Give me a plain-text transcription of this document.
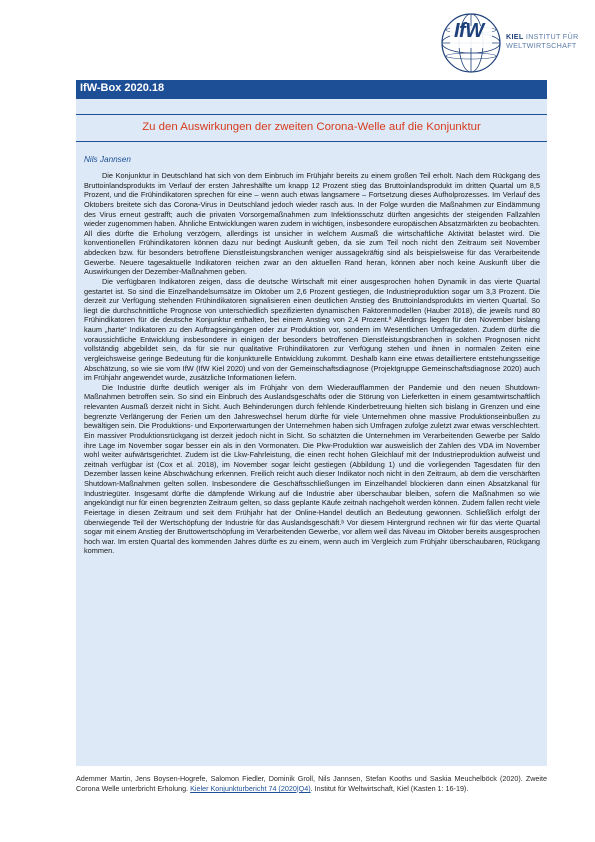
IfW	KIEL INSTITUT FÜR
WELTWIRTSCHAFT
IfW-Box 2020.18
Zu den Auswirkungen der zweiten Corona-Welle auf die Konjunktur
Nils Jannsen

Die Konjunktur in Deutschland hat sich von dem Einbruch im Frühjahr bereits zu einem großen Teil erholt. Nach dem Rückgang des Bruttoinlandsprodukts im Verlauf der ersten Jahreshälfte um knapp 12 Prozent stieg das Bruttoinlandsprodukt im dritten Quartal um 8,5 Prozent, und die Frühindikatoren sprechen für eine – wenn auch etwas langsamere – Fortsetzung dieses Aufholprozesses. Im Verlauf des Oktobers breitete sich das Corona-Virus in Deutschland jedoch wieder rasch aus. In der Folge wurden die Maßnahmen zur Eindämmung des Virus erneut gestrafft; auch die privaten Vorsorgemaßnahmen zum Infektionsschutz dürften angesichts der steigenden Fallzahlen wieder zugenommen haben. Ähnliche Entwicklungen waren zudem in wichtigen, insbesondere europäischen Absatzmärkten zu beobachten. All dies dürfte die Erholung verzögern, allerdings ist unsicher in welchem Ausmaß die wirtschaftliche Aktivität belastet wird. Die konventionellen Frühindikatoren können dazu nur bedingt Auskunft geben, da sie zum Teil noch nicht den Zeitraum seit November abdecken bzw. für besonders betroffene Dienstleistungsbranchen weniger aussagekräftig sind als beispielsweise für das Verarbeitende Gewerbe. Neuere tagesaktuelle Indikatoren reichen zwar an den aktuellen Rand heran, können aber noch keine Auskunft über die Auswirkungen der Dezember-Maßnahmen geben.

Die verfügbaren Indikatoren zeigen, dass die deutsche Wirtschaft mit einer ausgesprochen hohen Dynamik in das vierte Quartal gestartet ist. So sind die Einzelhandelsumsätze im Oktober um 2,6 Prozent gestiegen, die Industrieproduktion sogar um 3,3 Prozent. Die derzeit zur Verfügung stehenden Frühindikatoren signalisieren einen deutlichen Anstieg des Bruttoinlandsprodukts im vierten Quartal. So liegt die durchschnittliche Prognose von unterschiedlich spezifizierten dynamischen Faktorenmodellen (Hauber 2018), die jeweils rund 80 Frühindikatoren für die deutsche Konjunktur enthalten, bei einem Anstieg von 2,4 Prozent.ª Allerdings liegen für den November bislang kaum „harte“ Indikatoren zu den Auftragseingängen oder zur Produktion vor, sondern im Wesentlichen Umfragedaten. Zudem dürfte die voraussichtliche Entwicklung insbesondere in einigen der besonders betroffenen Dienstleistungsbranchen in solchen Prognosen nicht vollständig abgebildet sein, da für sie nur qualitative Frühindikatoren zur Verfügung stehen und ihnen in normalen Zeiten eine vergleichsweise geringe Bedeutung für die konjunkturelle Entwicklung zukommt. Deshalb kann eine etwas detailliertere entstehungsseitige Abschätzung, so wie sie vom IfW (IfW Kiel 2020) und von der Gemeinschaftsdiagnose (Projektgruppe Gemeinschaftsdiagnose 2020) auch im Frühjahr angewendet wurde, zusätzliche Informationen liefern.

Die Industrie dürfte deutlich weniger als im Frühjahr von dem Wiederaufflammen der Pandemie und den neuen Shutdown-Maßnahmen betroffen sein. So sind ein Einbruch des Auslandsgeschäfts oder die Störung von Lieferketten in einem gesamtwirtschaftlich relevanten Ausmaß derzeit nicht in Sicht. Auch Behinderungen durch fehlende Kinderbetreuung hielten sich bislang in Grenzen und eine begrenzte Verlängerung der Ferien um den Jahreswechsel herum dürfte für viele Unternehmen ohne massive Produktionseinbußen zu bewältigen sein. Die Produktions- und Exporterwartungen der Unternehmen haben sich Umfragen zufolge zuletzt zwar etwas verschlechtert. Ein massiver Produktionsrückgang ist derzeit jedoch nicht in Sicht. So schätzten die Unternehmen im Verarbeitenden Gewerbe per Saldo ihre Lage im November sogar besser ein als in den Vormonaten. Die Pkw-Produktion war ausweislich der Zahlen des VDA im November wohl weiter aufwärtsgerichtet. Zudem ist die Lkw-Fahrleistung, die einen recht hohen Gleichlauf mit der Industrieproduktion aufweist und zeitnah verfügbar ist (Cox et al. 2018), im November sogar leicht gestiegen (Abbildung 1) und die vorliegenden Tagesdaten für den Dezember lassen keine Abschwächung erkennen. Freilich reicht auch dieser Indikator noch nicht in den Zeitraum, ab dem die verschärften Shutdown-Maßnahmen gelten sollen. Insbesondere die Geschäftsschließungen im Einzelhandel blockieren dann einen Absatzkanal für Industriegüter. Insgesamt dürfte die dämpfende Wirkung auf die Industrie aber überschaubar bleiben, sofern die Maßnahmen so wie angekündigt nur für einen begrenzten Zeitraum gelten, so dass geplante Käufe zeitnah nachgeholt werden können. Zudem fallen recht viele Feiertage in diesen Zeitraum und seit dem Frühjahr hat der Online-Handel deutlich an Bedeutung gewonnen. Schließlich erfolgt der überwiegende Teil der Wertschöpfung der Industrie für das Auslandsgeschäft.ᵇ Vor diesem Hintergrund rechnen wir für das vierte Quartal sogar mit einem Anstieg der Bruttowertschöpfung im Verarbeitenden Gewerbe, vor allem weil das Niveau im Oktober bereits ausgesprochen hoch war. Im ersten Quartal des kommenden Jahres dürfte es zu einem, wenn auch im Vergleich zum Frühjahr überschaubaren, Rückgang kommen.

Ademmer Martin, Jens Boysen-Hogrefe, Salomon Fiedler, Dominik Groll, Nils Jannsen, Stefan Kooths und Saskia Meuchelböck (2020). Zweite Corona Welle unterbricht Erholung. Kieler Konjunkturbericht 74 (2020|Q4). Institut für Weltwirtschaft, Kiel (Kasten 1: 16-19).
